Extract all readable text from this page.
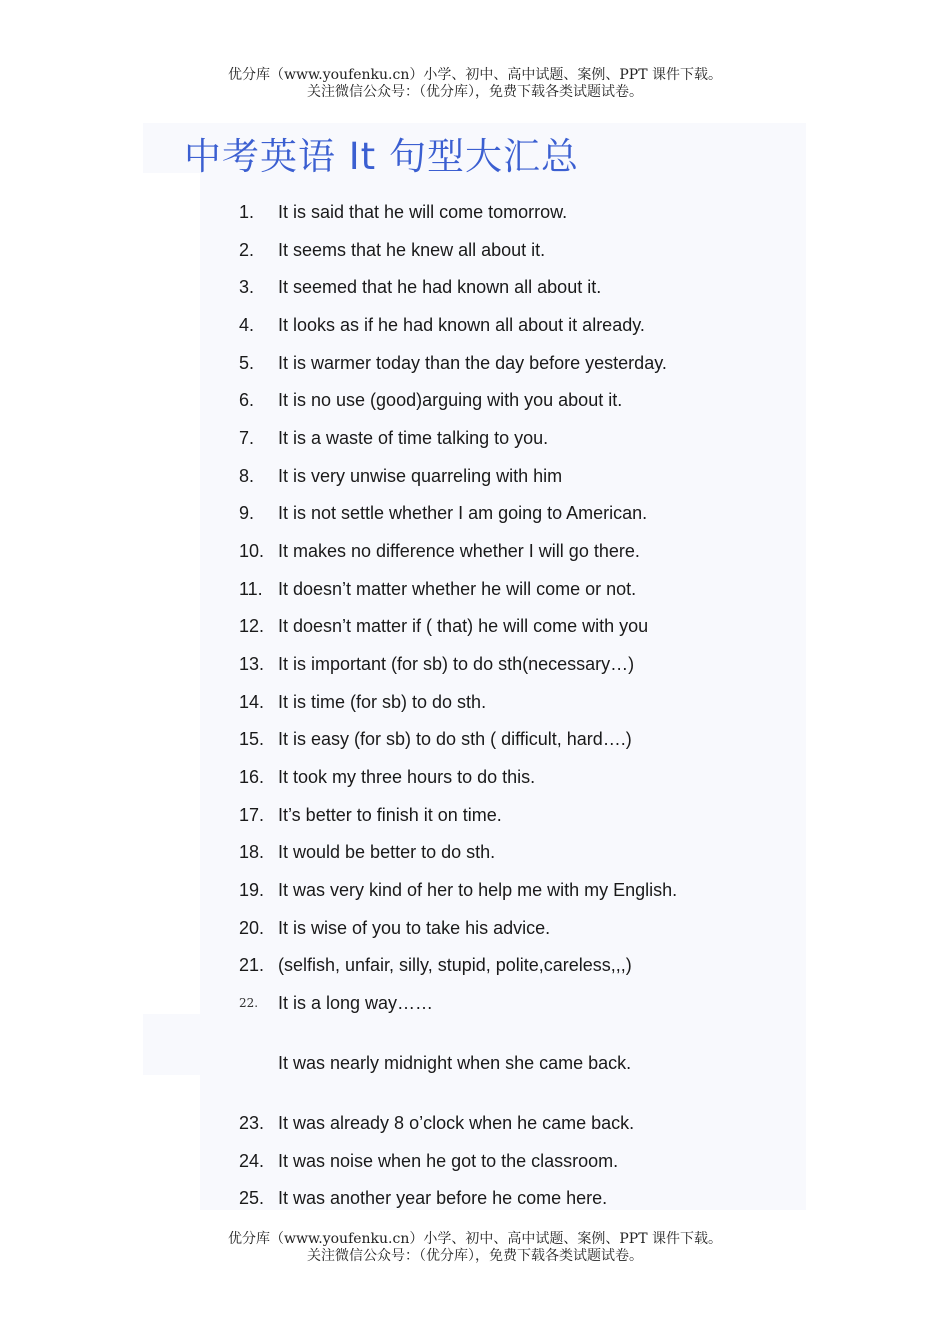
优分库（www.youfenku.cn）小学、初中、高中试题、案例、PPT 课件下载。
关注微信公众号：（优分库），免费下载各类试题试卷。
中考英语 It 句型大汇总
1.	It is said that he will come tomorrow.
2.	It seems that he knew all about it.
3.	It seemed that he had known all about it.
4.	It looks as if he had known all about it already.
5.	It is warmer today than the day before yesterday.
6.	It is no use (good)arguing with you about it.
7.	It is a waste of time talking to you.
8.	It is very unwise quarreling with him
9.	It is not settle whether I am going to American.
10. It makes no difference whether I will go there.
11. It doesn’t matter whether he will come or not.
12. It doesn’t matter if ( that) he will come with you
13. It is important (for sb) to do sth(necessary…)
14. It is time (for sb) to do sth.
15. It is easy (for sb) to do sth ( difficult, hard….)
16. It took my three hours to do this.
17. It’s better to finish it on time.
18. It would be better to do sth.
19. It was very kind of her to help me with my English.
20. It is wise of you to take his advice.
21. (selfish, unfair, silly, stupid, polite,careless,,,)
22.	It is a long way……
It was nearly midnight when she came back.
23. It was already 8 o’clock when he came back.
24. It was noise when he got to the classroom.
25. It was another year before he come here.
优分库（www.youfenku.cn）小学、初中、高中试题、案例、PPT 课件下载。
关注微信公众号：（优分库），免费下载各类试题试卷。
